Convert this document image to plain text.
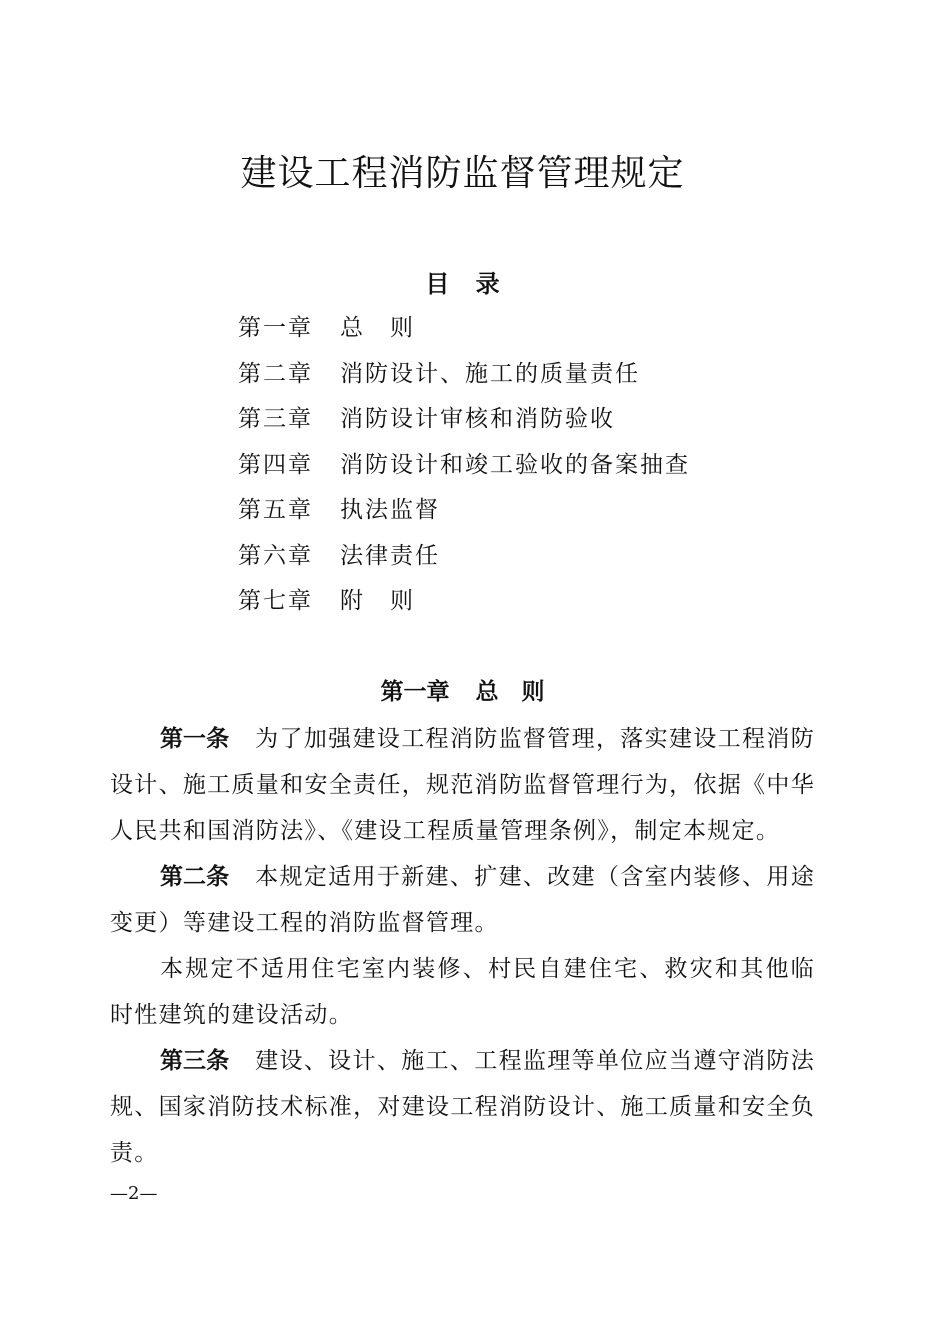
建设工程消防监督管理规定
目 录
第一章 总　则
第二章 消防设计、施工的质量责任
第三章 消防设计审核和消防验收
第四章 消防设计和竣工验收的备案抽查
第五章 执法监督
第六章 法律责任
第七章 附　则
第一章 总　则

第一条 为了加强建设工程消防监督管理，落实建设工程消防设计、施工质量和安全责任，规范消防监督管理行为，依据《中华人民共和国消防法》、《建设工程质量管理条例》，制定本规定。

第二条 本规定适用于新建、扩建、改建（含室内装修、用途变更）等建设工程的消防监督管理。

本规定不适用住宅室内装修、村民自建住宅、救灾和其他临时性建筑的建设活动。

第三条 建设、设计、施工、工程监理等单位应当遵守消防法规、国家消防技术标准，对建设工程消防设计、施工质量和安全负责。

—2—
